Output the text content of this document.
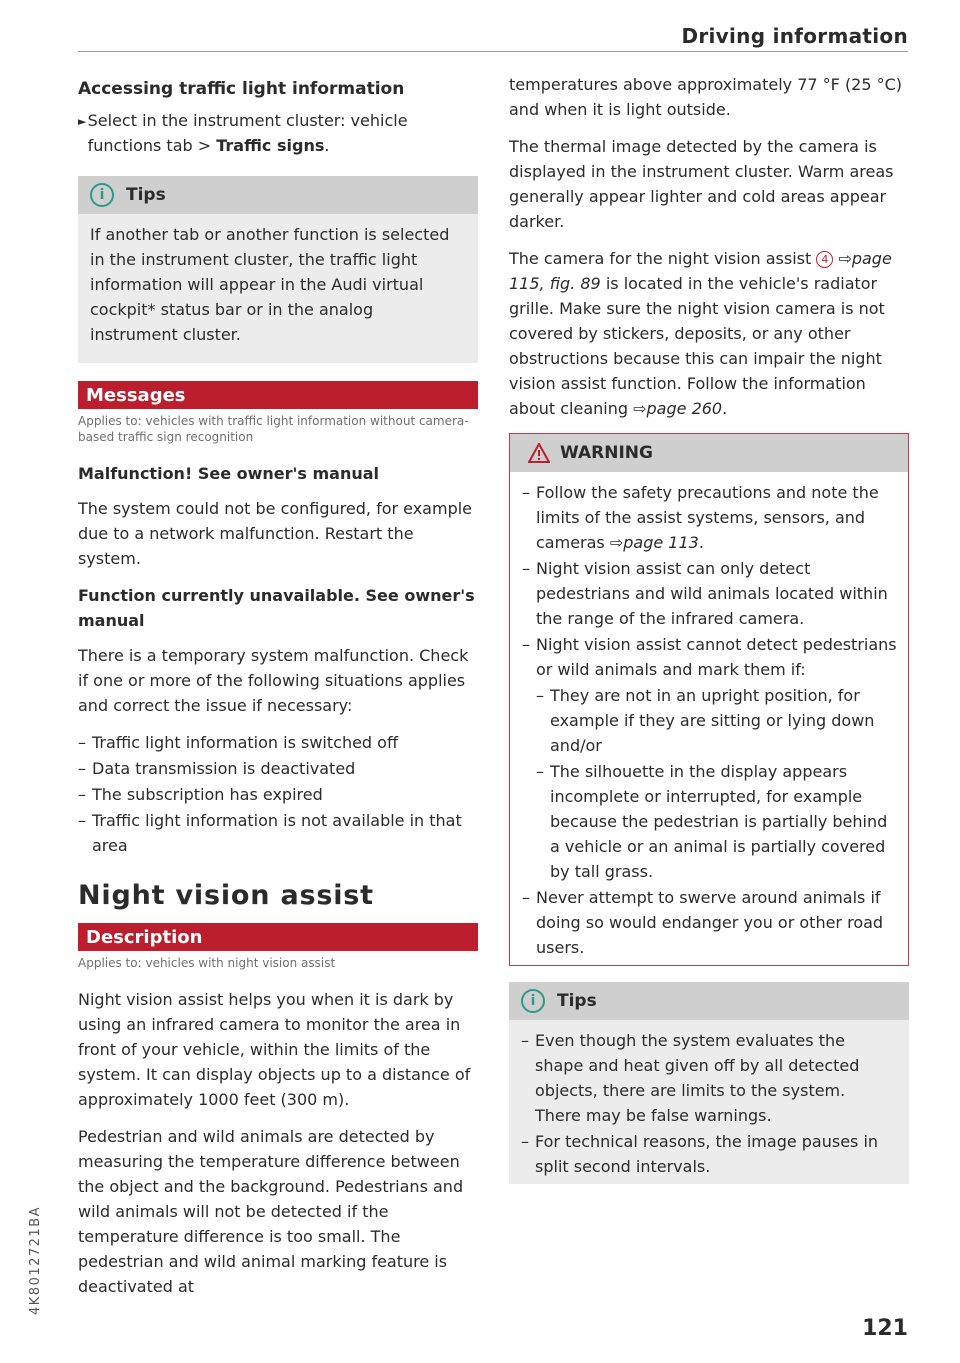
Driving information
Accessing traffic light information
► Select in the instrument cluster: vehicle functions tab > Traffic signs.
i	Tips

If another tab or another function is selected in the instrument cluster, the traffic light information will appear in the Audi virtual cockpit* status bar or in the analog instrument cluster.

Messages
Applies to: vehicles with traffic light information without camera-based traffic sign recognition
Malfunction! See owner's manual

The system could not be configured, for example due to a network malfunction. Restart the system.

Function currently unavailable. See owner's manual

There is a temporary system malfunction. Check if one or more of the following situations applies and correct the issue if necessary:

– Traffic light information is switched off
– Data transmission is deactivated
– The subscription has expired
– Traffic light information is not available in that area
Night vision assist
Description
Applies to: vehicles with night vision assist

Night vision assist helps you when it is dark by using an infrared camera to monitor the area in front of your vehicle, within the limits of the system. It can display objects up to a distance of approximately 1000 feet (300 m).

Pedestrian and wild animals are detected by measuring the temperature difference between the object and the background. Pedestrians and wild animals will not be detected if the temperature difference is too small. The pedestrian and wild animal marking feature is deactivated at

temperatures above approximately 77 °F (25 °C) and when it is light outside.

The thermal image detected by the camera is displayed in the instrument cluster. Warm areas generally appear lighter and cold areas appear darker.

The camera for the night vision assist 4 ⇨page 115, fig. 89 is located in the vehicle's radiator grille. Make sure the night vision camera is not covered by stickers, deposits, or any other obstructions because this can impair the night vision assist function. Follow the information about cleaning ⇨page 260.

WARNING
– Follow the safety precautions and note the limits of the assist systems, sensors, and cameras ⇨page 113.
– Night vision assist can only detect pedestrians and wild animals located within the range of the infrared camera.
– Night vision assist cannot detect pedestrians or wild animals and mark them if:
– They are not in an upright position, for example if they are sitting or lying down and/or
– The silhouette in the display appears incomplete or interrupted, for example because the pedestrian is partially behind a vehicle or an animal is partially covered by tall grass.
– Never attempt to swerve around animals if doing so would endanger you or other road users.
i	Tips
– Even though the system evaluates the shape and heat given off by all detected objects, there are limits to the system. There may be false warnings.
– For technical reasons, the image pauses in split second intervals.
4K8012721BA
121
